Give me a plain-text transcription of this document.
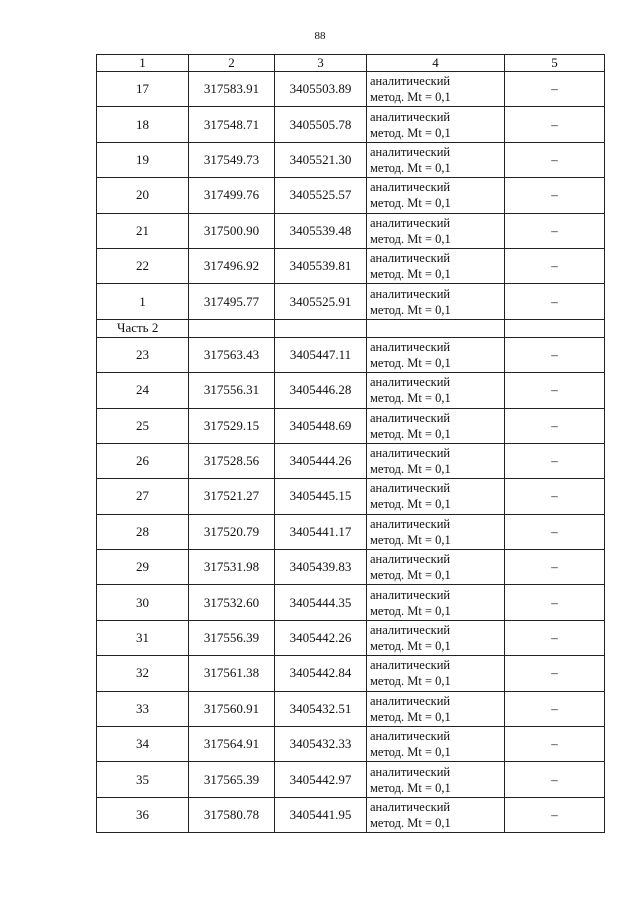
88
1	2	3	4	5
17	317583.91	3405503.89	аналитический
метод. Mt = 0,1	–
18	317548.71	3405505.78	аналитический
метод. Mt = 0,1	–
19	317549.73	3405521.30	аналитический
метод. Mt = 0,1	–
20	317499.76	3405525.57	аналитический
метод. Mt = 0,1	–
21	317500.90	3405539.48	аналитический
метод. Mt = 0,1	–
22	317496.92	3405539.81	аналитический
метод. Mt = 0,1	–
1	317495.77	3405525.91	аналитический
метод. Mt = 0,1	–
Часть 2				
23	317563.43	3405447.11	аналитический
метод. Mt = 0,1	–
24	317556.31	3405446.28	аналитический
метод. Mt = 0,1	–
25	317529.15	3405448.69	аналитический
метод. Mt = 0,1	–
26	317528.56	3405444.26	аналитический
метод. Mt = 0,1	–
27	317521.27	3405445.15	аналитический
метод. Mt = 0,1	–
28	317520.79	3405441.17	аналитический
метод. Mt = 0,1	–
29	317531.98	3405439.83	аналитический
метод. Mt = 0,1	–
30	317532.60	3405444.35	аналитический
метод. Mt = 0,1	–
31	317556.39	3405442.26	аналитический
метод. Mt = 0,1	–
32	317561.38	3405442.84	аналитический
метод. Mt = 0,1	–
33	317560.91	3405432.51	аналитический
метод. Mt = 0,1	–
34	317564.91	3405432.33	аналитический
метод. Mt = 0,1	–
35	317565.39	3405442.97	аналитический
метод. Mt = 0,1	–
36	317580.78	3405441.95	аналитический
метод. Mt = 0,1	–
